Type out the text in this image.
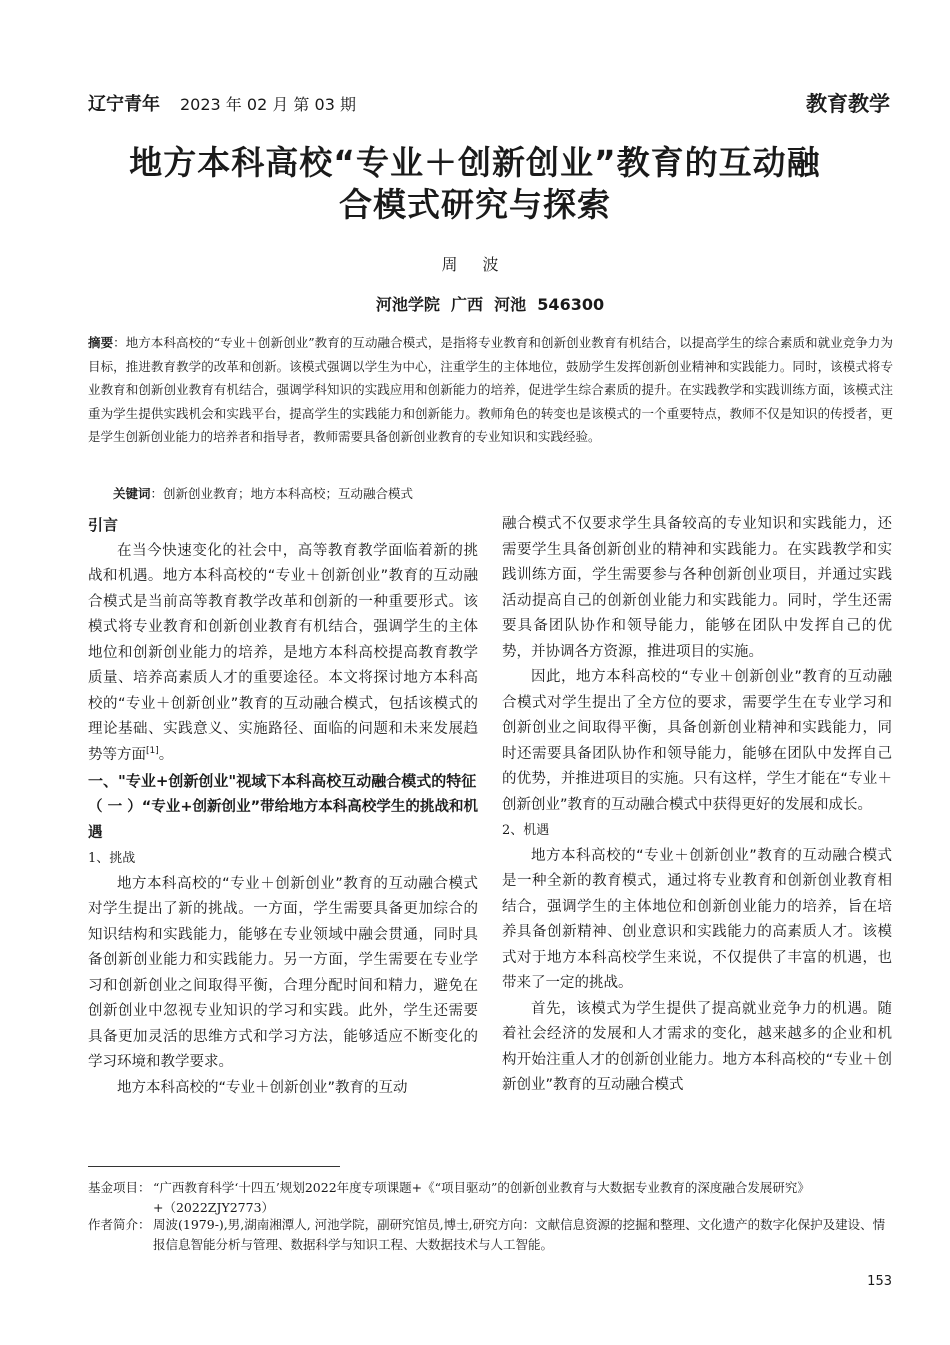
辽宁青年 2023 年 02 月 第 03 期	教育教学
地方本科高校“专业＋创新创业”教育的互动融
合模式研究与探索
周 波
河池学院  广西  河池  546300
摘要：地方本科高校的“专业＋创新创业”教育的互动融合模式，是指将专业教育和创新创业教育有机结合，以提高学生的综合素质和就业竞争力为目标，推进教育教学的改革和创新。该模式强调以学生为中心，注重学生的主体地位，鼓励学生发挥创新创业精神和实践能力。同时，该模式将专业教育和创新创业教育有机结合，强调学科知识的实践应用和创新能力的培养，促进学生综合素质的提升。在实践教学和实践训练方面，该模式注重为学生提供实践机会和实践平台，提高学生的实践能力和创新能力。教师角色的转变也是该模式的一个重要特点，教师不仅是知识的传授者，更是学生创新创业能力的培养者和指导者，教师需要具备创新创业教育的专业知识和实践经验。
关键词：创新创业教育；地方本科高校；互动融合模式

引言

在当今快速变化的社会中，高等教育教学面临着新的挑战和机遇。地方本科高校的“专业＋创新创业”教育的互动融合模式是当前高等教育教学改革和创新的一种重要形式。该模式将专业教育和创新创业教育有机结合，强调学生的主体地位和创新创业能力的培养，是地方本科高校提高教育教学质量、培养高素质人才的重要途径。本文将探讨地方本科高校的“专业＋创新创业”教育的互动融合模式，包括该模式的理论基础、实践意义、实施路径、面临的问题和未来发展趋势等方面[1]。

一、"专业+创新创业"视域下本科高校互动融合模式的特征

（ 一 ）“专业+创新创业”带给地方本科高校学生的挑战和机遇

1、挑战

地方本科高校的“专业＋创新创业”教育的互动融合模式对学生提出了新的挑战。一方面，学生需要具备更加综合的知识结构和实践能力，能够在专业领域中融会贯通，同时具备创新创业能力和实践能力。另一方面，学生需要在专业学习和创新创业之间取得平衡，合理分配时间和精力，避免在创新创业中忽视专业知识的学习和实践。此外，学生还需要具备更加灵活的思维方式和学习方法，能够适应不断变化的学习环境和教学要求。

地方本科高校的“专业＋创新创业”教育的互动

融合模式不仅要求学生具备较高的专业知识和实践能力，还需要学生具备创新创业的精神和实践能力。在实践教学和实践训练方面，学生需要参与各种创新创业项目，并通过实践活动提高自己的创新创业能力和实践能力。同时，学生还需要具备团队协作和领导能力，能够在团队中发挥自己的优势，并协调各方资源，推进项目的实施。

因此，地方本科高校的“专业＋创新创业”教育的互动融合模式对学生提出了全方位的要求，需要学生在专业学习和创新创业之间取得平衡，具备创新创业精神和实践能力，同时还需要具备团队协作和领导能力，能够在团队中发挥自己的优势，并推进项目的实施。只有这样，学生才能在“专业＋创新创业”教育的互动融合模式中获得更好的发展和成长。

2、机遇

地方本科高校的“专业＋创新创业”教育的互动融合模式是一种全新的教育模式，通过将专业教育和创新创业教育相结合，强调学生的主体地位和创新创业能力的培养，旨在培养具备创新精神、创业意识和实践能力的高素质人才。该模式对于地方本科高校学生来说，不仅提供了丰富的机遇，也带来了一定的挑战。

首先，该模式为学生提供了提高就业竞争力的机遇。随着社会经济的发展和人才需求的变化，越来越多的企业和机构开始注重人才的创新创业能力。地方本科高校的“专业＋创新创业”教育的互动融合模式

基金项目： “广西教育科学‘十四五’规划2022年度专项课题+《“项目驱动”的创新创业教育与大数据专业教育的深度融合发展研究》+（2022ZJY2773）
作者简介： 周波(1979-),男,湖南湘潭人, 河池学院，副研究馆员,博士,研究方向：文献信息资源的挖掘和整理、文化遗产的数字化保护及建设、情报信息智能分析与管理、数据科学与知识工程、大数据技术与人工智能。
153
